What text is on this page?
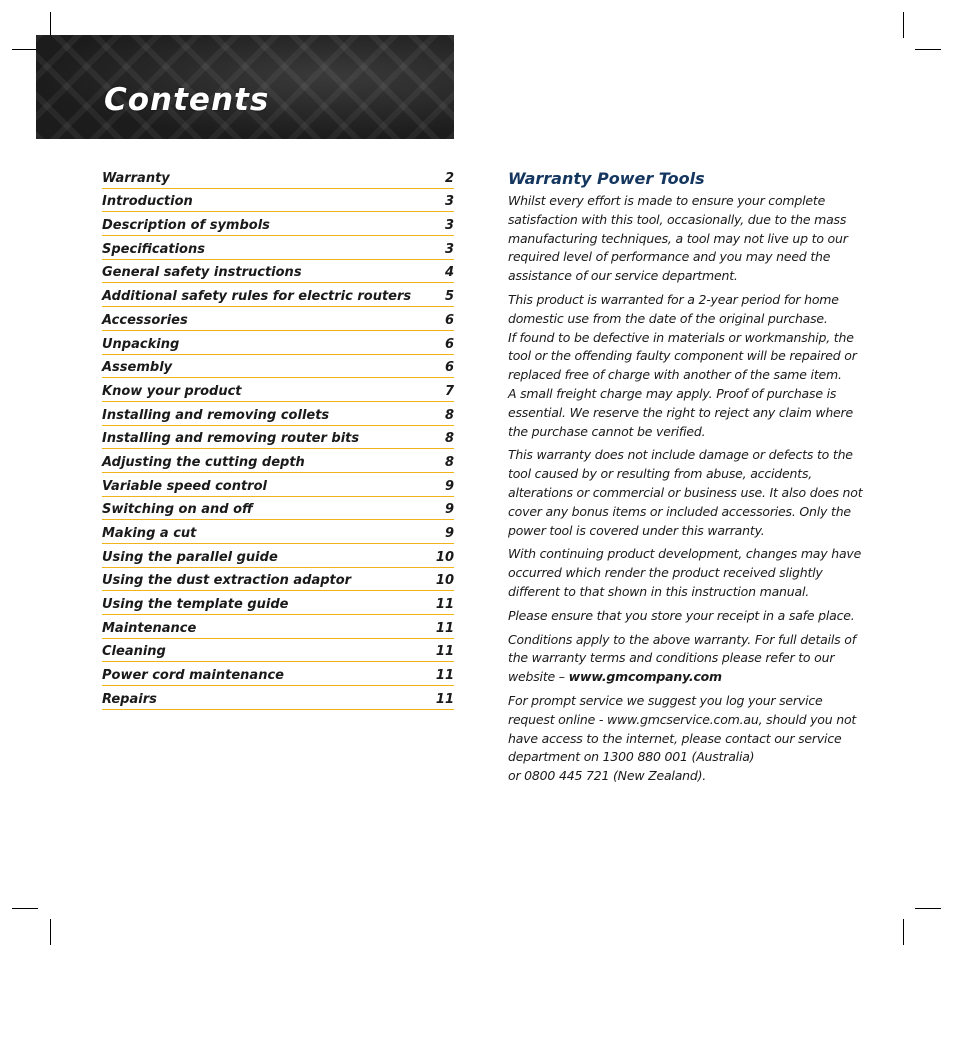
Contents
Warranty	2
Introduction	3
Description of symbols	3
Specifications	3
General safety instructions	4
Additional safety rules for electric routers	5
Accessories	6
Unpacking	6
Assembly	6
Know your product	7
Installing and removing collets	8
Installing and removing router bits	8
Adjusting the cutting depth	8
Variable speed control	9
Switching on and off	9
Making a cut	9
Using the parallel guide	10
Using the dust extraction adaptor	10
Using the template guide	11
Maintenance	11
Cleaning	11
Power cord maintenance	11
Repairs	11
Warranty Power Tools

Whilst every effort is made to ensure your complete satisfaction with this tool, occasionally, due to the mass manufacturing techniques, a tool may not live up to our required level of performance and you may need the assistance of our service department.

This product is warranted for a 2-year period for home domestic use from the date of the original purchase.

If found to be defective in materials or workmanship, the tool or the offending faulty component will be repaired or replaced free of charge with another of the same item.

A small freight charge may apply. Proof of purchase is essential. We reserve the right to reject any claim where the purchase cannot be verified.

This warranty does not include damage or defects to the tool caused by or resulting from abuse, accidents, alterations or commercial or business use. It also does not cover any bonus items or included accessories. Only the power tool is covered under this warranty.

With continuing product development, changes may have occurred which render the product received slightly different to that shown in this instruction manual.

Please ensure that you store your receipt in a safe place.

Conditions apply to the above warranty. For full details of the warranty terms and conditions please refer to our website – www.gmcompany.com

For prompt service we suggest you log your service request online - www.gmcservice.com.au, should you not have access to the internet, please contact our service department on 1300 880 001 (Australia)

or 0800 445 721 (New Zealand).
